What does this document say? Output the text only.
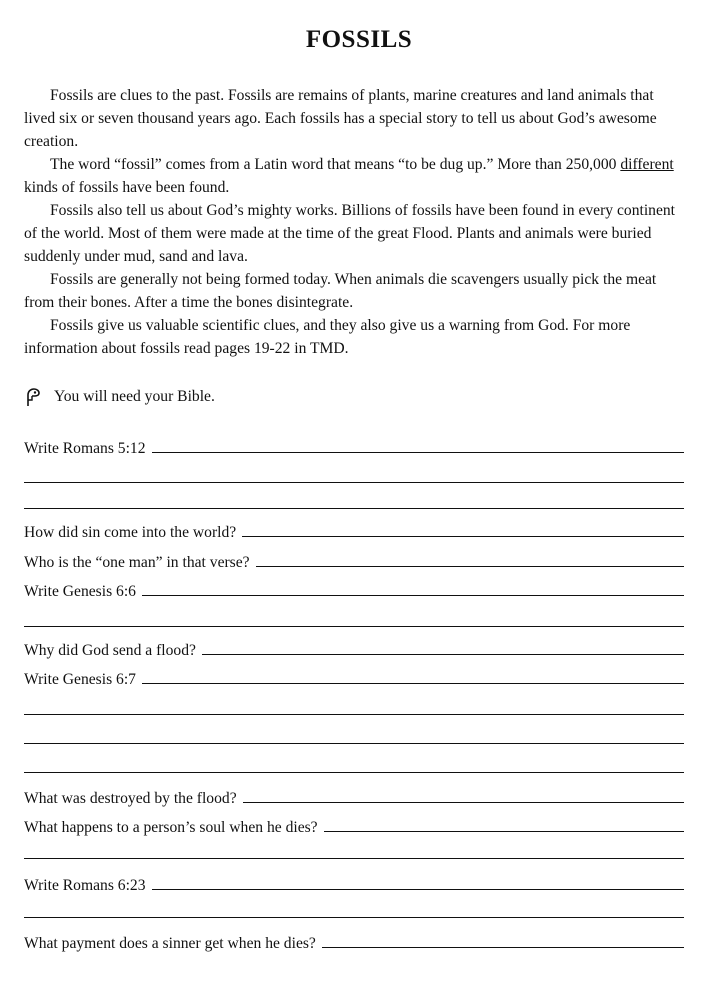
FOSSILS

Fossils are clues to the past. Fossils are remains of plants, marine creatures and land animals that lived six or seven thousand years ago. Each fossils has a special story to tell us about God’s awesome creation.

The word “fossil” comes from a Latin word that means “to be dug up.” More than 250,000 different kinds of fossils have been found.

Fossils also tell us about God’s mighty works. Billions of fossils have been found in every continent of the world. Most of them were made at the time of the great Flood. Plants and animals were buried suddenly under mud, sand and lava.

Fossils are generally not being formed today. When animals die scavengers usually pick the meat from their bones. After a time the bones disintegrate.

Fossils give us valuable scientific clues, and they also give us a warning from God. For more information about fossils read pages 19-22 in TMD.

You will need your Bible.
Write Romans 5:12
How did sin come into the world?
Who is the “one man” in that verse?
Write Genesis 6:6
Why did God send a flood?
Write Genesis 6:7
What was destroyed by the flood?
What happens to a person’s soul when he dies?
Write Romans 6:23
What payment does a sinner get when he dies?
